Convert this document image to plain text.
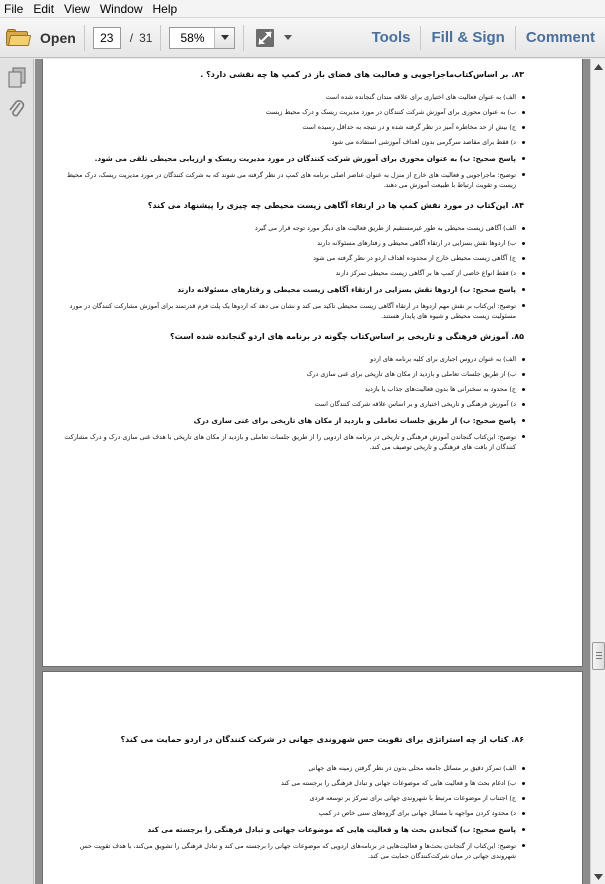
File Edit View Window Help
Open	23	/ 31	58%	Tools	Fill & Sign	Comment
۸۳. بر اساس‌کتاب‌ماجراجویی و فعالیت های فضای باز در کمپ ها چه نقشی دارد؟ .
الف) به عنوان فعالیت های اختیاری برای علاقه مندان گنجانده شده است
ب) به عنوان محوری برای آموزش شرکت کنندگان در مورد مدیریت ریسک و درک محیط زیست
ج) بیش از حد مخاطره آمیز در نظر گرفته شده و در نتیجه به حداقل رسیده است
د) فقط برای مقاصد سرگرمی بدون اهداف آموزشی استفاده می شود
پاسخ صحیح: ب) به عنوان محوری برای آموزش شرکت کنندگان در مورد مدیریت ریسک و ارزیابی محیطی تلقی می شود.
توضیح: ماجراجویی و فعالیت های خارج از منزل به عنوان عناصر اصلی برنامه های کمپ در نظر گرفته می شوند که به شرکت کنندگان در مورد مدیریت ریسک، درک محیط زیست و تقویت ارتباط با طبیعت آموزش می دهند.
۸۴. این‌کتاب در مورد نقش کمپ ها در ارتقاء آگاهی زیست محیطی چه چیزی را پیشنهاد می کند؟
الف) آگاهی زیست محیطی به طور غیرمستقیم از طریق فعالیت های دیگر مورد توجه قرار می گیرد
ب) اردوها نقش بسزایی در ارتقاء آگاهی محیطی و رفتارهای مسئولانه دارند
ج) آگاهی زیست محیطی خارج از محدوده اهداف اردو در نظر گرفته می شود
د) فقط انواع خاصی از کمپ ها بر آگاهی زیست محیطی تمرکز دارند
پاسخ صحیح: ب) اردوها نقش بسزایی در ارتقاء آگاهی زیست محیطی و رفتارهای مسئولانه دارند
توضیح: این‌کتاب بر نقش مهم اردوها در ارتقاء آگاهی زیست محیطی تاکید می کند و نشان می دهد که اردوها یک پلت فرم قدرتمند برای آموزش مشارکت کنندگان در مورد مسئولیت زیست محیطی و شیوه های پایدار هستند.
۸۵. آموزش فرهنگی و تاریخی بر اساس‌کتاب چگونه در برنامه های اردو گنجانده شده است؟
الف) به عنوان دروس اجباری برای کلیه برنامه های اردو
ب) از طریق جلسات تعاملی و بازدید از مکان های تاریخی برای غنی سازی درک
ج) محدود به سخنرانی ها بدون فعالیت‌های جذاب یا بازدید
د) آموزش فرهنگی و تاریخی اختیاری و بر اساس علاقه شرکت کنندگان است
پاسخ صحیح: ب) از طریق جلسات تعاملی و بازدید از مکان های تاریخی برای غنی سازی درک
توضیح: این‌کتاب گنجاندن آموزش فرهنگی و تاریخی در برنامه های اردویی را از طریق جلسات تعاملی و بازدید از مکان های تاریخی با هدف غنی سازی درک و درک مشارکت کنندگان از بافت های فرهنگی و تاریخی توصیف می کند.
۸۶. کتاب از چه استراتژی برای تقویت حس شهروندی جهانی در شرکت کنندگان در اردو حمایت می کند؟
الف) تمرکز دقیق بر مسائل جامعه محلی بدون در نظر گرفتن زمینه های جهانی
ب) ادغام بحث ها و فعالیت هایی که موضوعات جهانی و تبادل فرهنگی را برجسته می کند
ج) اجتناب از موضوعات مرتبط با شهروندی جهانی برای تمرکز بر توسعه فردی
د) محدود کردن مواجهه با مسائل جهانی برای گروه‌های سنی خاص در کمپ
پاسخ صحیح: ب) گنجاندن بحث ها و فعالیت هایی که موضوعات جهانی و تبادل فرهنگی را برجسته می کند
توضیح: این‌کتاب از گنجاندن بحث‌ها و فعالیت‌هایی در برنامه‌های اردویی که موضوعات جهانی را برجسته می کند و تبادل فرهنگی را تشویق می‌کند، با هدف تقویت حس شهروندی جهانی در میان شرکت‌کنندگان حمایت می کند.
